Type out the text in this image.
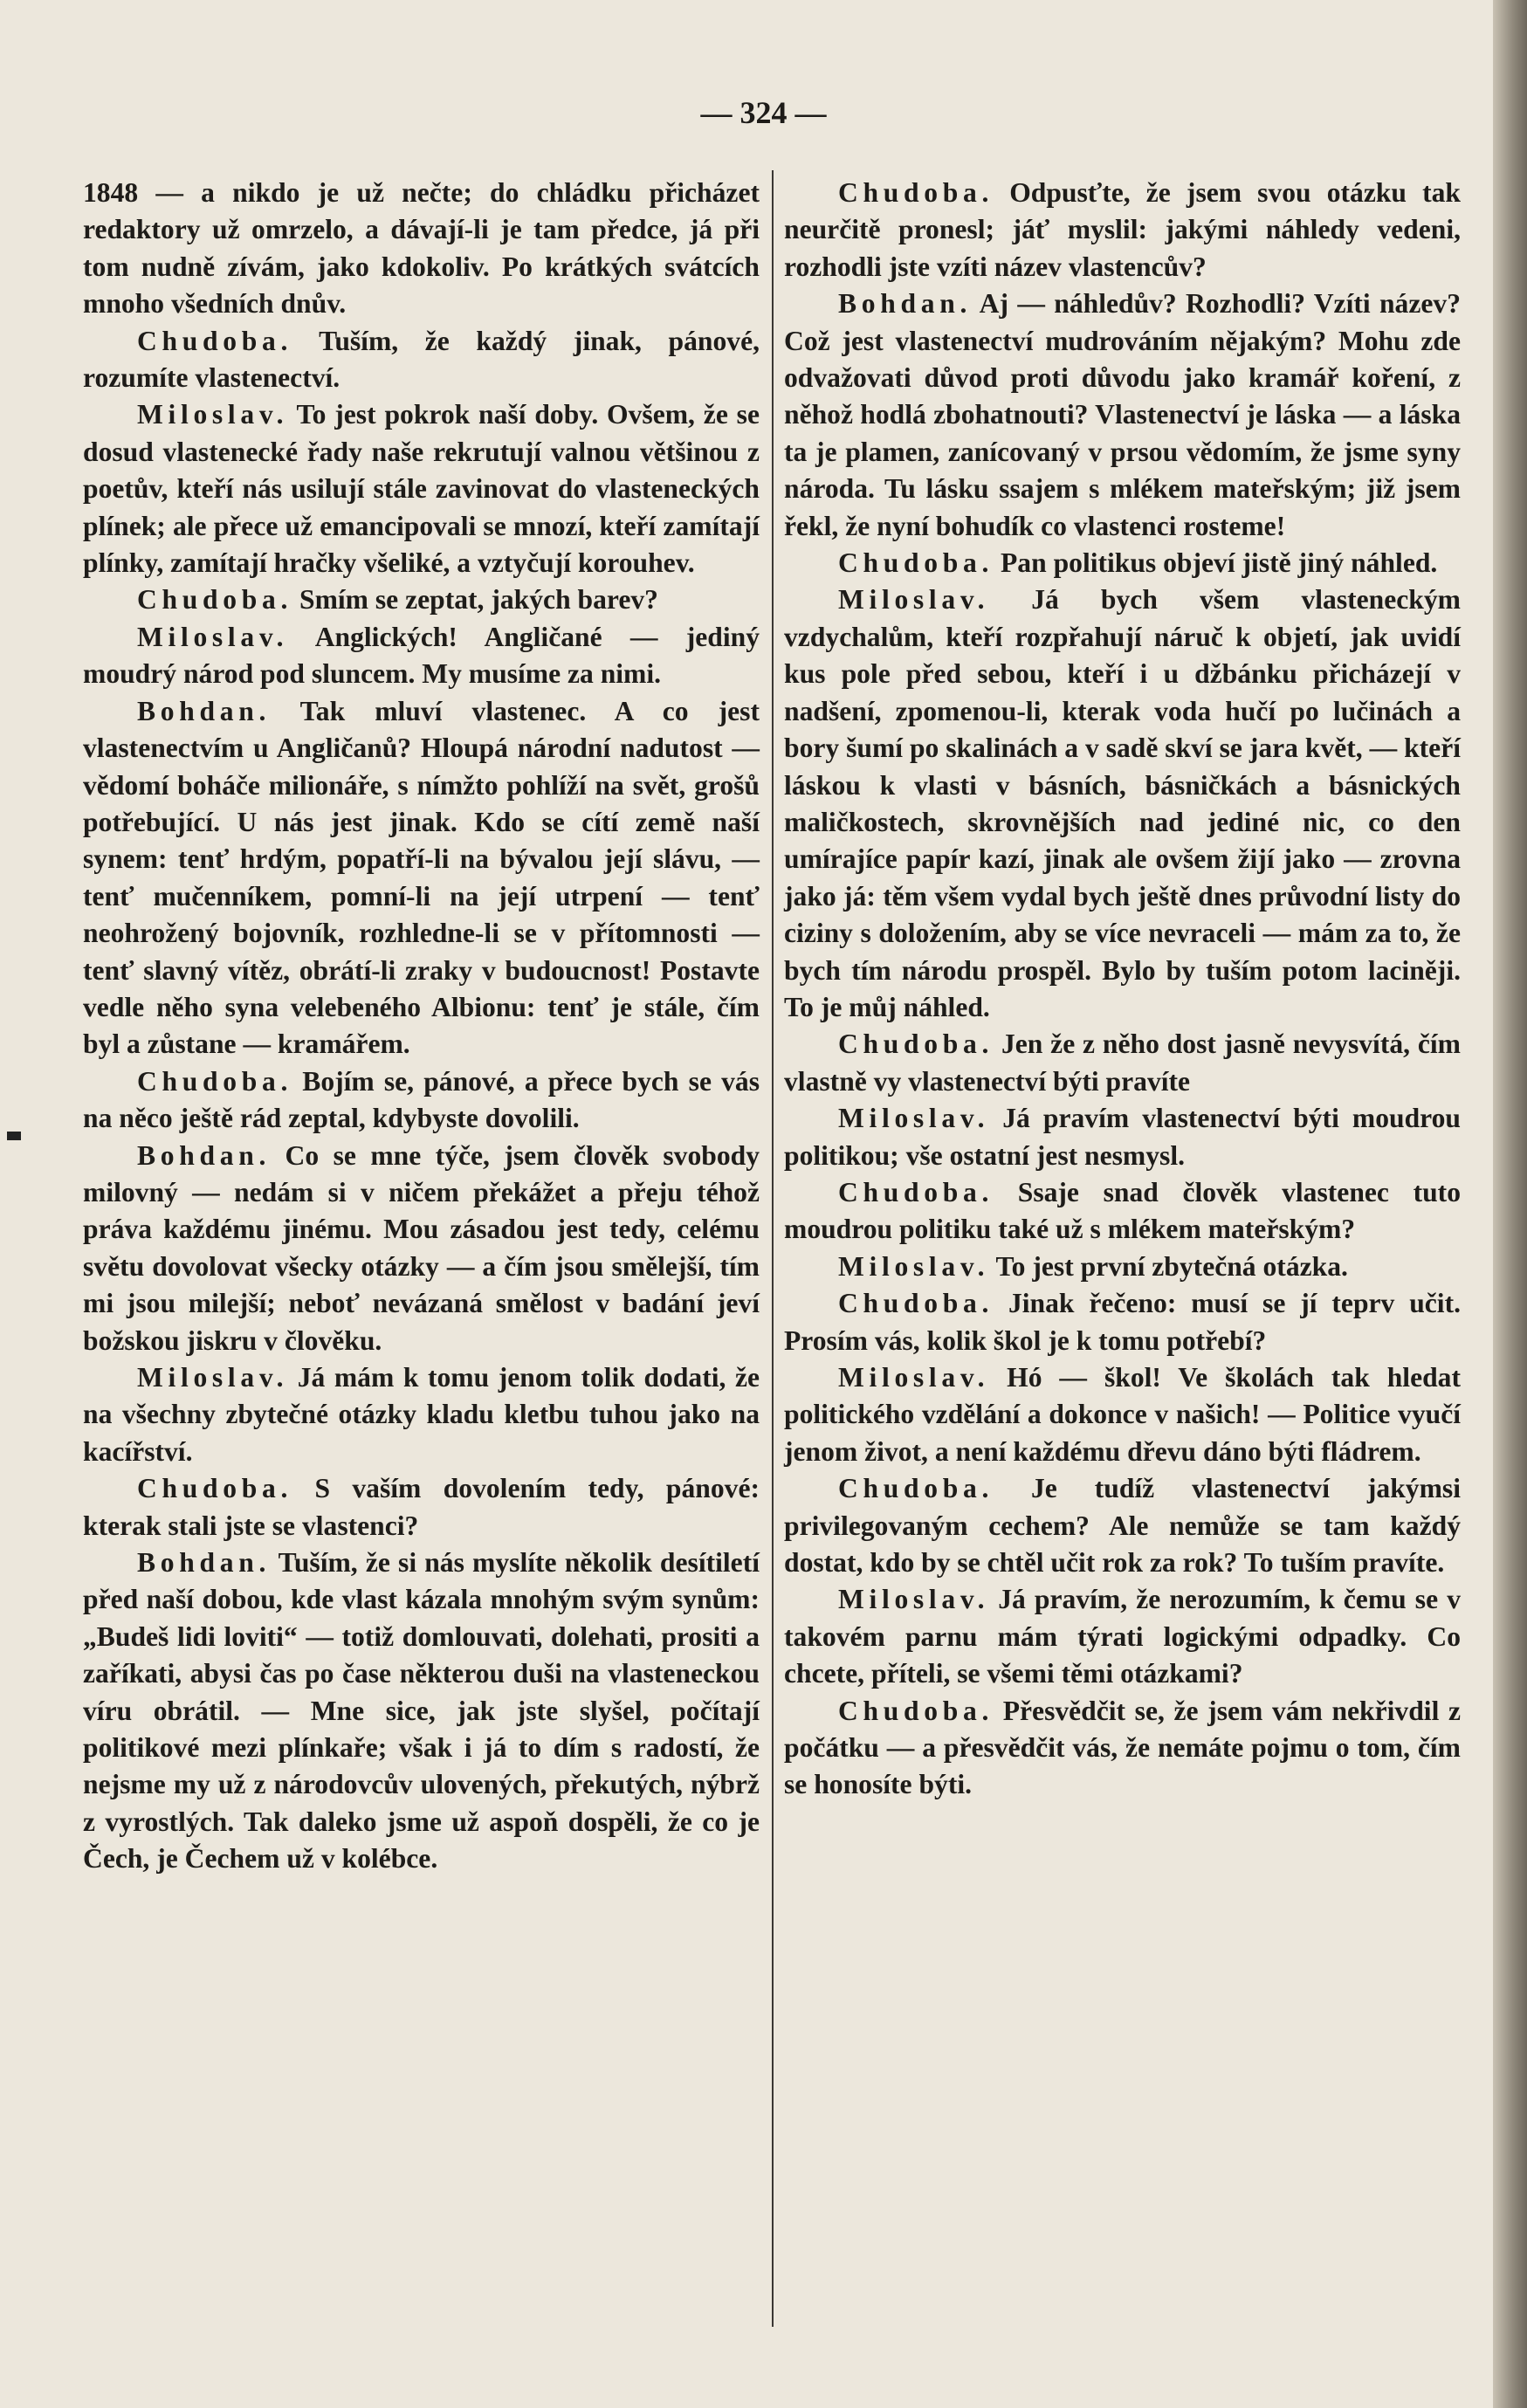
— 324 —

1848 — a nikdo je už nečte; do chládku přicházet redaktory už omrzelo, a dávají-li je tam předce, já při tom nudně zívám, jako kdokoliv. Po krátkých svátcích mnoho všedních dnův.

Chudoba. Tuším, že každý jinak, pánové, rozumíte vlastenectví.

Miloslav. To jest pokrok naší doby. Ovšem, že se dosud vlastenecké řady naše rekrutují valnou většinou z poetův, kteří nás usilují stále zavinovat do vlasteneckých plínek; ale přece už emancipovali se mnozí, kteří zamítají plínky, zamítají hračky všeliké, a vztyčují korouhev.

Chudoba. Smím se zeptat, jakých barev?

Miloslav. Anglických! Angličané — jediný moudrý národ pod sluncem. My musíme za nimi.

Bohdan. Tak mluví vlastenec. A co jest vlastenectvím u Angličanů? Hloupá národní nadutost — vědomí boháče milionáře, s nímžto pohlíží na svět, grošů potřebující. U nás jest jinak. Kdo se cítí země naší synem: tenť hrdým, popatří-li na bývalou její slávu, — tenť mučenníkem, pomní-li na její utrpení — tenť neohrožený bojovník, rozhledne-li se v přítomnosti — tenť slavný vítěz, obrátí-li zraky v budoucnost! Postavte vedle něho syna velebeného Albionu: tenť je stále, čím byl a zůstane — kramářem.

Chudoba. Bojím se, pánové, a přece bych se vás na něco ještě rád zeptal, kdybyste dovolili.

Bohdan. Co se mne týče, jsem člověk svobody milovný — nedám si v ničem překážet a přeju téhož práva každému jinému. Mou zásadou jest tedy, celému světu dovolovat všecky otázky — a čím jsou smělejší, tím mi jsou milejší; neboť nevázaná smělost v badání jeví božskou jiskru v člověku.

Miloslav. Já mám k tomu jenom tolik dodati, že na všechny zbytečné otázky kladu kletbu tuhou jako na kacířství.

Chudoba. S vaším dovolením tedy, pánové: kterak stali jste se vlastenci?

Bohdan. Tuším, že si nás myslíte několik desítiletí před naší dobou, kde vlast kázala mnohým svým synům: „Budeš lidi loviti“ — totiž domlouvati, dolehati, prositi a zaříkati, abysi čas po čase některou duši na vlasteneckou víru obrátil. — Mne sice, jak jste slyšel, počítají politikové mezi plínkaře; však i já to dím s radostí, že nejsme my už z národovcův ulovených, překutých, nýbrž z vyrostlých. Tak daleko jsme už aspoň dospěli, že co je Čech, je Čechem už v kolébce.

Chudoba. Odpusťte, že jsem svou otázku tak neurčitě pronesl; jáť myslil: jakými náhledy vedeni, rozhodli jste vzíti název vlastencův?

Bohdan. Aj — náhledův? Rozhodli? Vzíti název? Což jest vlastenectví mudrováním nějakým? Mohu zde odvažovati důvod proti důvodu jako kramář koření, z něhož hodlá zbohatnouti? Vlastenectví je láska — a láska ta je plamen, zanícovaný v prsou vědomím, že jsme syny národa. Tu lásku ssajem s mlékem mateřským; již jsem řekl, že nyní bohudík co vlastenci rosteme!

Chudoba. Pan politikus objeví jistě jiný náhled.

Miloslav. Já bych všem vlasteneckým vzdychalům, kteří rozpřahují náruč k objetí, jak uvidí kus pole před sebou, kteří i u džbánku přicházejí v nadšení, zpomenou-li, kterak voda hučí po lučinách a bory šumí po skalinách a v sadě skví se jara květ, — kteří láskou k vlasti v básních, básničkách a básnických maličkostech, skrovnějších nad jediné nic, co den umírajíce papír kazí, jinak ale ovšem žijí jako — zrovna jako já: těm všem vydal bych ještě dnes průvodní listy do ciziny s doložením, aby se více nevraceli — mám za to, že bych tím národu prospěl. Bylo by tuším potom laciněji. To je můj náhled.

Chudoba. Jen že z něho dost jasně nevysvítá, čím vlastně vy vlastenectví býti pravíte

Miloslav. Já pravím vlastenectví býti moudrou politikou; vše ostatní jest nesmysl.

Chudoba. Ssaje snad člověk vlastenec tuto moudrou politiku také už s mlékem mateřským?

Miloslav. To jest první zbytečná otázka.

Chudoba. Jinak řečeno: musí se jí teprv učit. Prosím vás, kolik škol je k tomu potřebí?

Miloslav. Hó — škol! Ve školách tak hledat politického vzdělání a dokonce v našich! — Politice vyučí jenom život, a není každému dřevu dáno býti fládrem.

Chudoba. Je tudíž vlastenectví jakýmsi privilegovaným cechem? Ale nemůže se tam každý dostat, kdo by se chtěl učit rok za rok? To tuším pravíte.

Miloslav. Já pravím, že nerozumím, k čemu se v takovém parnu mám týrati logickými odpadky. Co chcete, příteli, se všemi těmi otázkami?

Chudoba. Přesvědčit se, že jsem vám nekřivdil z počátku — a přesvědčit vás, že nemáte pojmu o tom, čím se honosíte býti.
